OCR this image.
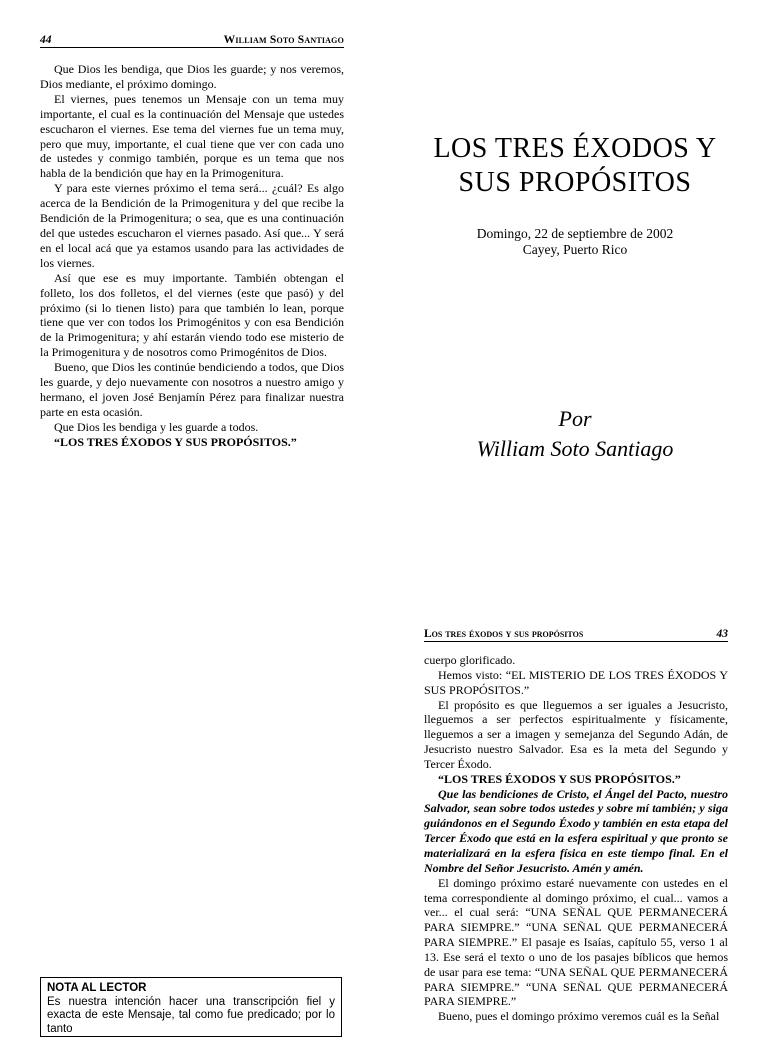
44	William Soto Santiago

Que Dios les bendiga, que Dios les guarde; y nos veremos, Dios mediante, el próximo domingo.

El viernes, pues tenemos un Mensaje con un tema muy importante, el cual es la continuación del Mensaje que ustedes escucharon el viernes. Ese tema del viernes fue un tema muy, pero que muy, importante, el cual tiene que ver con cada uno de ustedes y conmigo también, porque es un tema que nos habla de la bendición que hay en la Primogenitura.

Y para este viernes próximo el tema será... ¿cuál? Es algo acerca de la Bendición de la Primogenitura y del que recibe la Bendición de la Primogenitura; o sea, que es una continuación del que ustedes escucharon el viernes pasado. Así que... Y será en el local acá que ya estamos usando para las actividades de los viernes.

Así que ese es muy importante. También obtengan el folleto, los dos folletos, el del viernes (este que pasó) y del próximo (si lo tienen listo) para que también lo lean, porque tiene que ver con todos los Primogénitos y con esa Bendición de la Primogenitura; y ahí estarán viendo todo ese misterio de la Primogenitura y de nosotros como Primogénitos de Dios.

Bueno, que Dios les continúe bendiciendo a todos, que Dios les guarde, y dejo nuevamente con nosotros a nuestro amigo y hermano, el joven José Benjamín Pérez para finalizar nuestra parte en esta ocasión.

Que Dios les bendiga y les guarde a todos.

“LOS TRES ÉXODOS Y SUS PROPÓSITOS.”

NOTA AL LECTOR
Es nuestra intención hacer una transcripción fiel y exacta de este Mensaje, tal como fue predicado; por lo tanto
LOS TRES ÉXODOS Y
SUS PROPÓSITOS
Domingo, 22 de septiembre de 2002
Cayey, Puerto Rico
Por
William Soto Santiago
Los tres éxodos y sus propósitos	43

cuerpo glorificado.

Hemos visto: “EL MISTERIO DE LOS TRES ÉXODOS Y SUS PROPÓSITOS.”

El propósito es que lleguemos a ser iguales a Jesucristo, lleguemos a ser perfectos espiritualmente y físicamente, lleguemos a ser a imagen y semejanza del Segundo Adán, de Jesucristo nuestro Salvador. Esa es la meta del Segundo y Tercer Éxodo.

“LOS TRES ÉXODOS Y SUS PROPÓSITOS.”

Que las bendiciones de Cristo, el Ángel del Pacto, nuestro Salvador, sean sobre todos ustedes y sobre mí también; y siga guiándonos en el Segundo Éxodo y también en esta etapa del Tercer Éxodo que está en la esfera espiritual y que pronto se materializará en la esfera física en este tiempo final. En el Nombre del Señor Jesucristo. Amén y amén.

El domingo próximo estaré nuevamente con ustedes en el tema correspondiente al domingo próximo, el cual... vamos a ver... el cual será: “UNA SEÑAL QUE PERMANECERÁ PARA SIEMPRE.” “UNA SEÑAL QUE PERMANECERÁ PARA SIEMPRE.” El pasaje es Isaías, capítulo 55, verso 1 al 13. Ese será el texto o uno de los pasajes bíblicos que hemos de usar para ese tema: “UNA SEÑAL QUE PERMANECERÁ PARA SIEMPRE.” “UNA SEÑAL QUE PERMANECERÁ PARA SIEMPRE.”

Bueno, pues el domingo próximo veremos cuál es la Señal
